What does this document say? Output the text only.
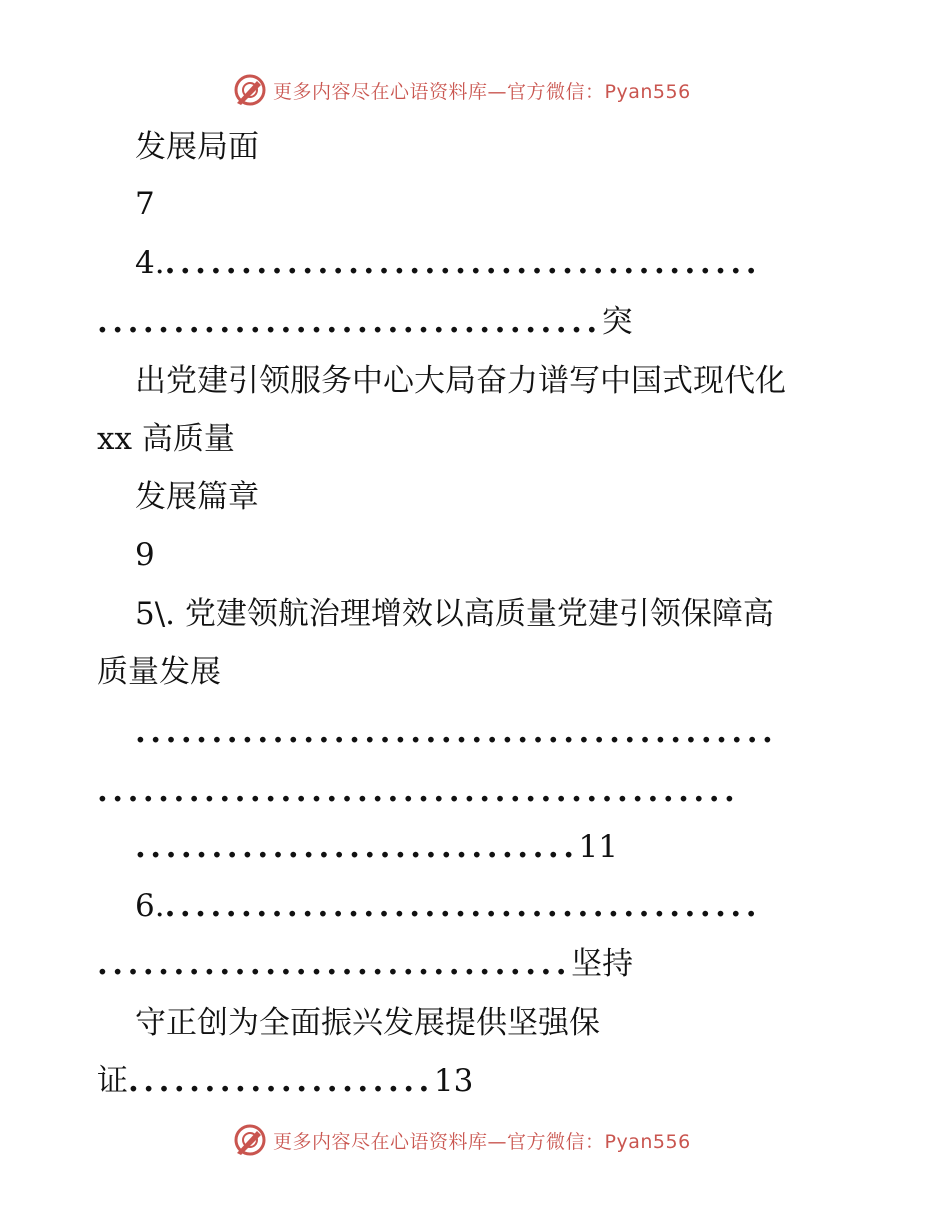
更多内容尽在心语资料库—官方微信：Pyan556
发展局面
7
4........................................
.................................突
出党建引领服务中心大局奋力谱写中国式现代化
xx 高质量
发展篇章
9
5\. 党建领航治理增效以高质量党建引领保障高
质量发展
..........................................
..........................................
.............................11
6........................................
...............................坚持
守正创为全面振兴发展提供坚强保
证....................13
更多内容尽在心语资料库—官方微信：Pyan556
